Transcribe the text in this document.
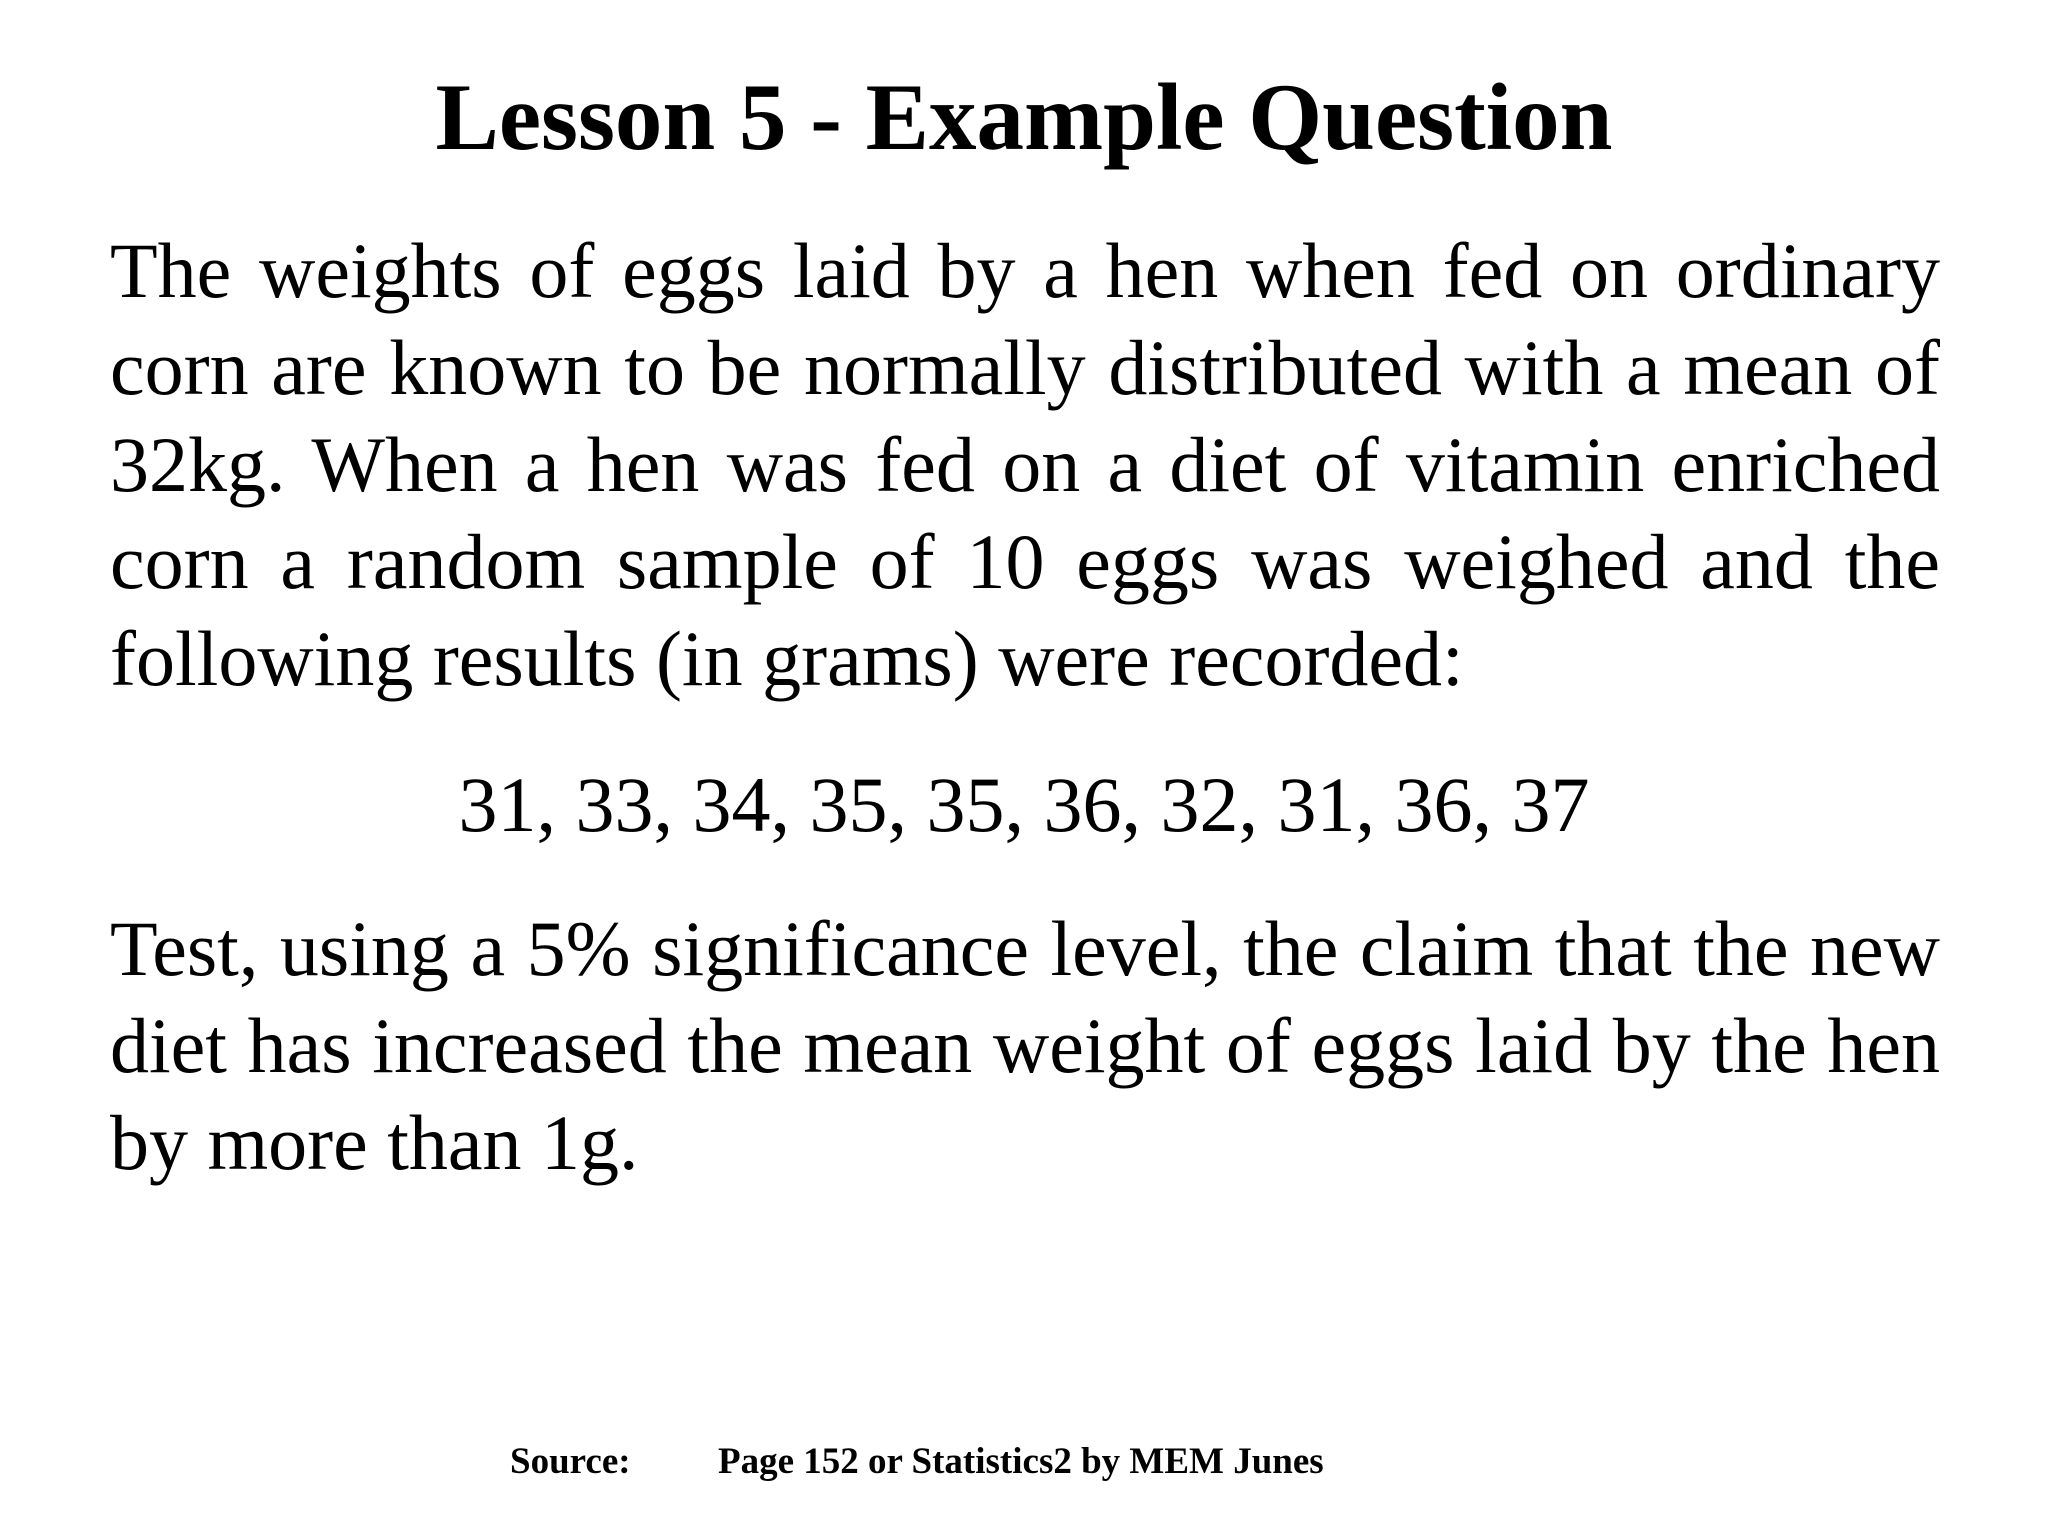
Lesson 5 - Example Question

The weights of eggs laid by a hen when fed on ordinary corn are known to be normally distributed with a mean of 32kg. When a hen was fed on a diet of vitamin enriched corn a random sample of 10 eggs was weighed and the following results (in grams) were recorded:

31, 33, 34, 35, 35, 36, 32, 31, 36, 37

Test, using a 5% significance level, the claim that the new diet has increased the mean weight of eggs laid by the hen by more than 1g.

Source: Page 152 or Statistics2 by MEM Junes
